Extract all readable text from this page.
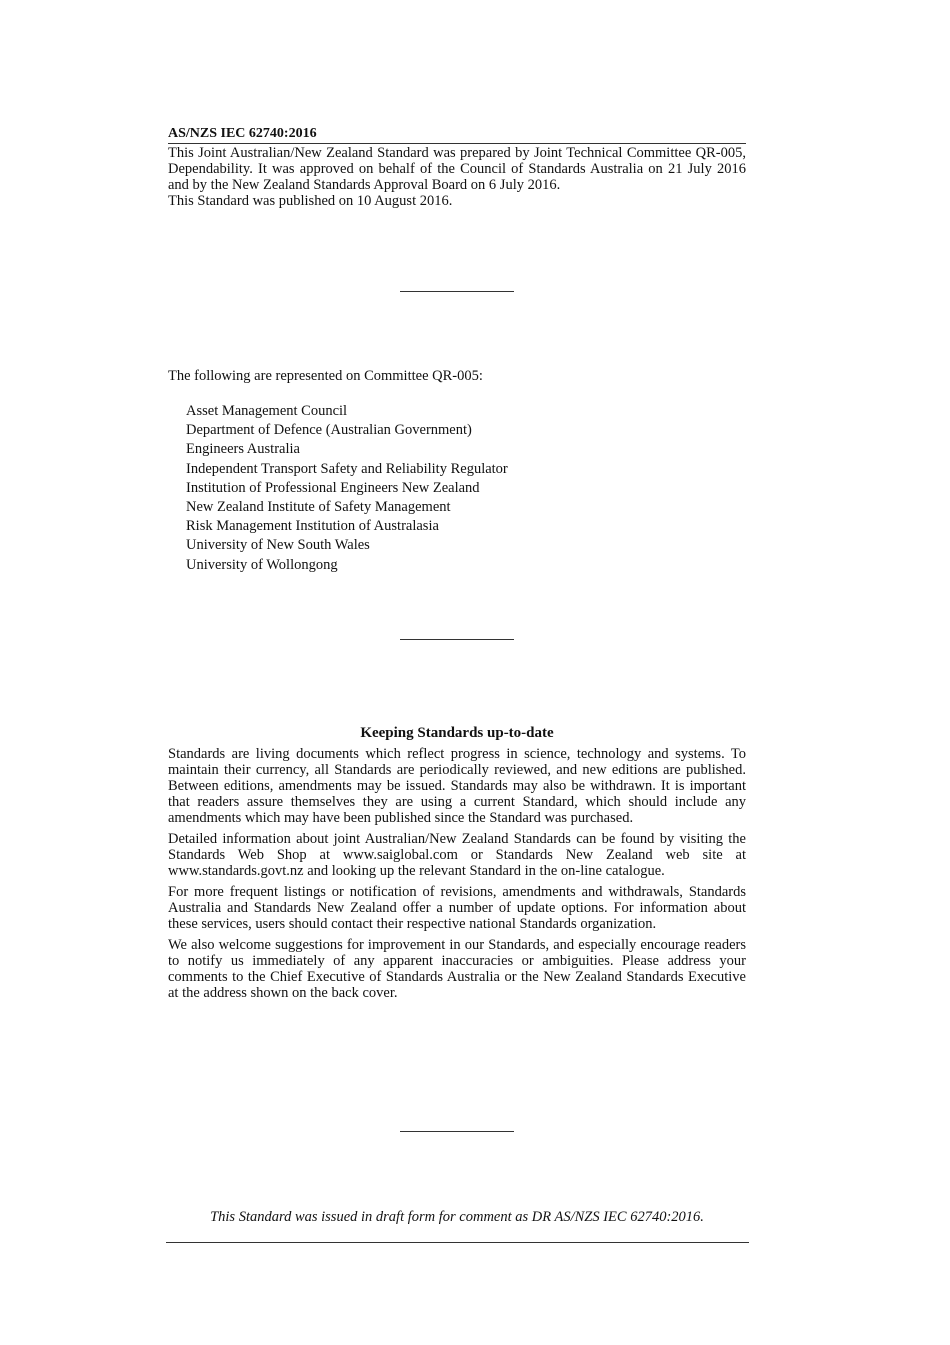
AS/NZS IEC 62740:2016

This Joint Australian/New Zealand Standard was prepared by Joint Technical Committee QR-005, Dependability. It was approved on behalf of the Council of Standards Australia on 21 July 2016 and by the New Zealand Standards Approval Board on 6 July 2016.

This Standard was published on 10 August 2016.

The following are represented on Committee QR-005:
Asset Management Council
Department of Defence (Australian Government)
Engineers Australia
Independent Transport Safety and Reliability Regulator
Institution of Professional Engineers New Zealand
New Zealand Institute of Safety Management
Risk Management Institution of Australasia
University of New South Wales
University of Wollongong
Keeping Standards up-to-date

Standards are living documents which reflect progress in science, technology and systems. To maintain their currency, all Standards are periodically reviewed, and new editions are published. Between editions, amendments may be issued. Standards may also be withdrawn. It is important that readers assure themselves they are using a current Standard, which should include any amendments which may have been published since the Standard was purchased.

Detailed information about joint Australian/New Zealand Standards can be found by visiting the Standards Web Shop at www.saiglobal.com or Standards New Zealand web site at www.standards.govt.nz and looking up the relevant Standard in the on-line catalogue.

For more frequent listings or notification of revisions, amendments and withdrawals, Standards Australia and Standards New Zealand offer a number of update options. For information about these services, users should contact their respective national Standards organization.

We also welcome suggestions for improvement in our Standards, and especially encourage readers to notify us immediately of any apparent inaccuracies or ambiguities. Please address your comments to the Chief Executive of Standards Australia or the New Zealand Standards Executive at the address shown on the back cover.

This Standard was issued in draft form for comment as DR AS/NZS IEC 62740:2016.
